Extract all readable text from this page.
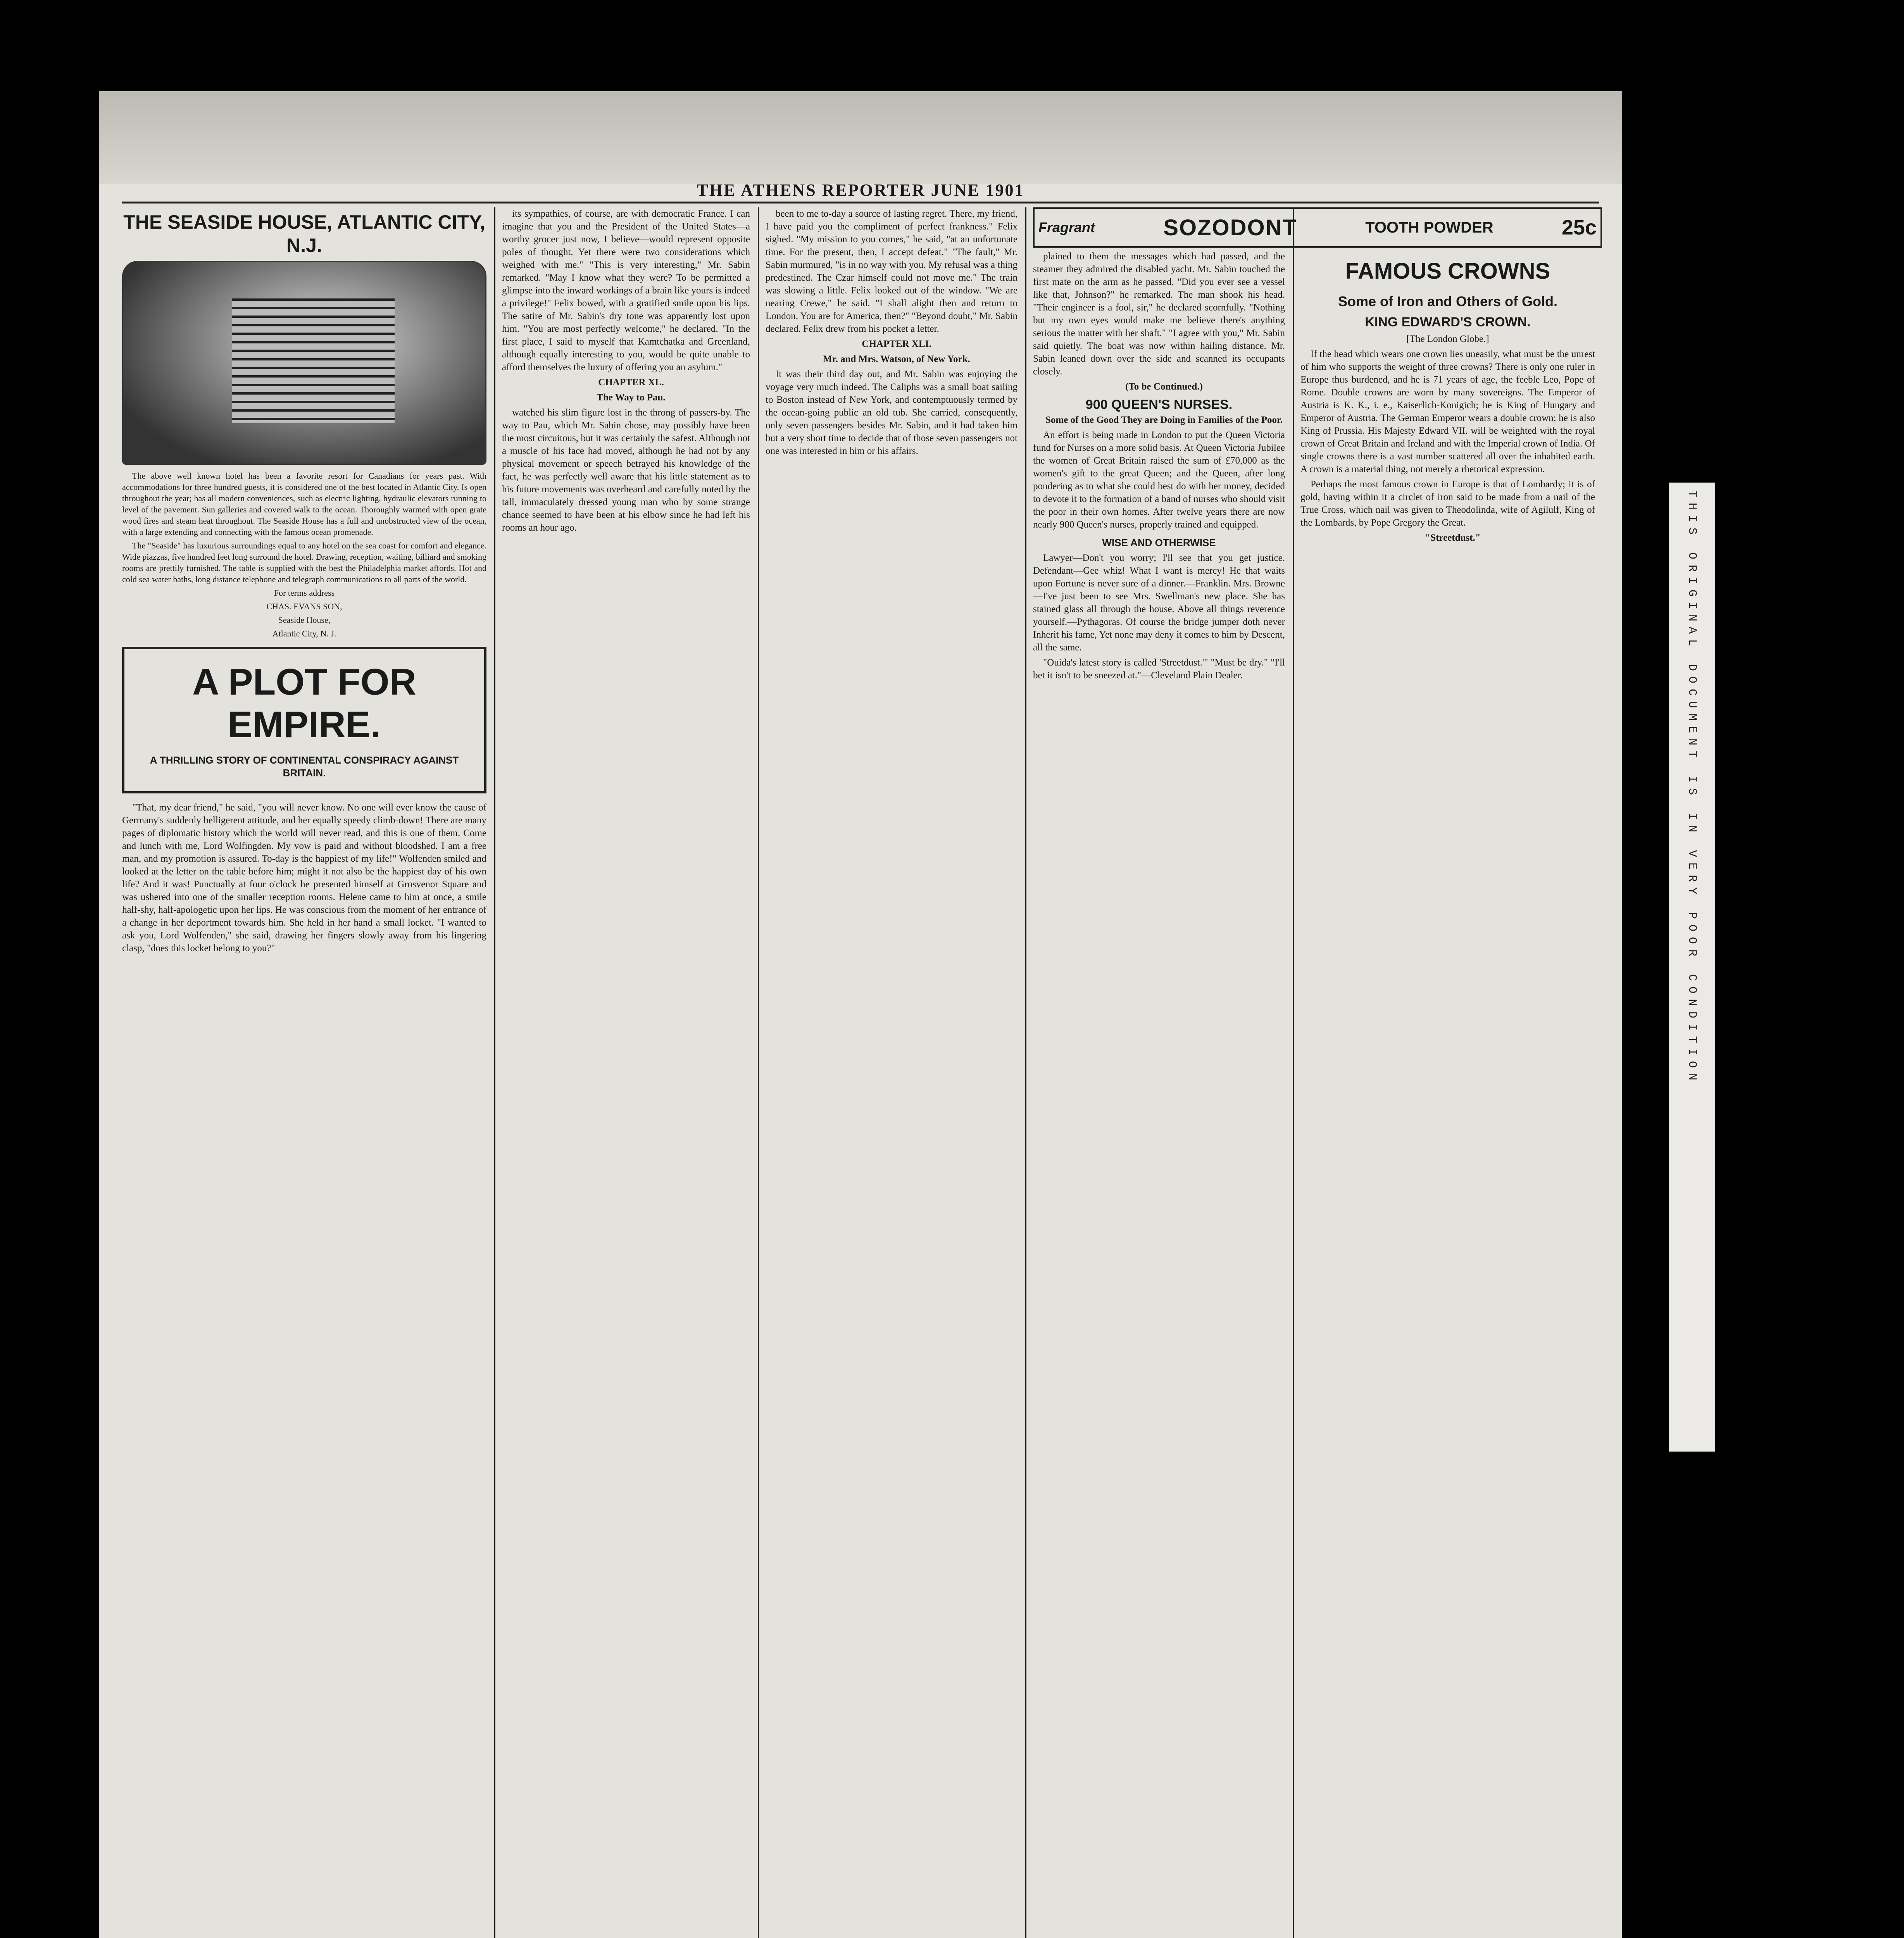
THE ATHENS REPORTER JUNE 1901
THE SEASIDE HOUSE, ATLANTIC CITY, N.J.

The above well known hotel has been a favorite resort for Canadians for years past. With accommodations for three hundred guests, it is considered one of the best located in Atlantic City. Is open throughout the year; has all modern conveniences, such as electric lighting, hydraulic elevators running to level of the pavement. Sun galleries and covered walk to the ocean. Thoroughly warmed with open grate wood fires and steam heat throughout. The Seaside House has a full and unobstructed view of the ocean, with a large extending and connecting with the famous ocean promenade.

The "Seaside" has luxurious surroundings equal to any hotel on the sea coast for comfort and elegance. Wide piazzas, five hundred feet long surround the hotel. Drawing, reception, waiting, billiard and smoking rooms are prettily furnished. The table is supplied with the best the Philadelphia market affords. Hot and cold sea water baths, long distance telephone and telegraph communications to all parts of the world.

For terms address

CHAS. EVANS SON,

Seaside House,

Atlantic City, N. J.

A PLOT FOR EMPIRE.
A THRILLING STORY OF CONTINENTAL CONSPIRACY AGAINST BRITAIN.

"That, my dear friend," he said, "you will never know. No one will ever know the cause of Germany's suddenly belligerent attitude, and her equally speedy climb-down! There are many pages of diplomatic history which the world will never read, and this is one of them. Come and lunch with me, Lord Wolfingden. My vow is paid and without bloodshed. I am a free man, and my promotion is assured. To-day is the happiest of my life!" Wolfenden smiled and looked at the letter on the table before him; might it not also be the happiest day of his own life? And it was! Punctually at four o'clock he presented himself at Grosvenor Square and was ushered into one of the smaller reception rooms. Helene came to him at once, a smile half-shy, half-apologetic upon her lips. He was conscious from the moment of her entrance of a change in her deportment towards him. She held in her hand a small locket. "I wanted to ask you, Lord Wolfenden," she said, drawing her fingers slowly away from his lingering clasp, "does this locket belong to you?"

its sympathies, of course, are with democratic France. I can imagine that you and the President of the United States—a worthy grocer just now, I believe—would represent opposite poles of thought. Yet there were two considerations which weighed with me." "This is very interesting," Mr. Sabin remarked. "May I know what they were? To be permitted a glimpse into the inward workings of a brain like yours is indeed a privilege!" Felix bowed, with a gratified smile upon his lips. The satire of Mr. Sabin's dry tone was apparently lost upon him. "You are most perfectly welcome," he declared. "In the first place, I said to myself that Kamtchatka and Greenland, although equally interesting to you, would be quite unable to afford themselves the luxury of offering you an asylum."

CHAPTER XL.

The Way to Pau.

watched his slim figure lost in the throng of passers-by. The way to Pau, which Mr. Sabin chose, may possibly have been the most circuitous, but it was certainly the safest. Although not a muscle of his face had moved, although he had not by any physical movement or speech betrayed his knowledge of the fact, he was perfectly well aware that his little statement as to his future movements was overheard and carefully noted by the tall, immaculately dressed young man who by some strange chance seemed to have been at his elbow since he had left his rooms an hour ago.

been to me to-day a source of lasting regret. There, my friend, I have paid you the compliment of perfect frankness." Felix sighed. "My mission to you comes," he said, "at an unfortunate time. For the present, then, I accept defeat." "The fault," Mr. Sabin murmured, "is in no way with you. My refusal was a thing predestined. The Czar himself could not move me." The train was slowing a little. Felix looked out of the window. "We are nearing Crewe," he said. "I shall alight then and return to London. You are for America, then?" "Beyond doubt," Mr. Sabin declared. Felix drew from his pocket a letter.

CHAPTER XLI.

Mr. and Mrs. Watson, of New York.

It was their third day out, and Mr. Sabin was enjoying the voyage very much indeed. The Caliphs was a small boat sailing to Boston instead of New York, and contemptuously termed by the ocean-going public an old tub. She carried, consequently, only seven passengers besides Mr. Sabin, and it had taken him but a very short time to decide that of those seven passengers not one was interested in him or his affairs.

plained to them the messages which had passed, and the steamer they admired the disabled yacht. Mr. Sabin touched the first mate on the arm as he passed. "Did you ever see a vessel like that, Johnson?" he remarked. The man shook his head. "Their engineer is a fool, sir," he declared scornfully. "Nothing but my own eyes would make me believe there's anything serious the matter with her shaft." "I agree with you," Mr. Sabin said quietly. The boat was now within hailing distance. Mr. Sabin leaned down over the side and scanned its occupants closely.

(To be Continued.)

900 QUEEN'S NURSES.

Some of the Good They are Doing in Families of the Poor.

An effort is being made in London to put the Queen Victoria fund for Nurses on a more solid basis. At Queen Victoria Jubilee the women of Great Britain raised the sum of £70,000 as the women's gift to the great Queen; and the Queen, after long pondering as to what she could best do with her money, decided to devote it to the formation of a band of nurses who should visit the poor in their own homes. After twelve years there are now nearly 900 Queen's nurses, properly trained and equipped.

WISE AND OTHERWISE

Lawyer—Don't you worry; I'll see that you get justice. Defendant—Gee whiz! What I want is mercy! He that waits upon Fortune is never sure of a dinner.—Franklin. Mrs. Browne—I've just been to see Mrs. Swellman's new place. She has stained glass all through the house. Above all things reverence yourself.—Pythagoras. Of course the bridge jumper doth never Inherit his fame, Yet none may deny it comes to him by Descent, all the same.

"Ouida's latest story is called 'Streetdust.'" "Must be dry." "I'll bet it isn't to be sneezed at."—Cleveland Plain Dealer.

Fragrant	SOZODONT	TOOTH POWDER	25c
FAMOUS CROWNS
Some of Iron and Others of Gold.
KING EDWARD'S CROWN.

[The London Globe.]

If the head which wears one crown lies uneasily, what must be the unrest of him who supports the weight of three crowns? There is only one ruler in Europe thus burdened, and he is 71 years of age, the feeble Leo, Pope of Rome. Double crowns are worn by many sovereigns. The Emperor of Austria is K. K., i. e., Kaiserlich-Konigich; he is King of Hungary and Emperor of Austria. The German Emperor wears a double crown; he is also King of Prussia. His Majesty Edward VII. will be weighted with the royal crown of Great Britain and Ireland and with the Imperial crown of India. Of single crowns there is a vast number scattered all over the inhabited earth. A crown is a material thing, not merely a rhetorical expression.

Perhaps the most famous crown in Europe is that of Lombardy; it is of gold, having within it a circlet of iron said to be made from a nail of the True Cross, which nail was given to Theodolinda, wife of Agilulf, King of the Lombards, by Pope Gregory the Great.

"Streetdust."	THIS ORIGINAL DOCUMENT IS IN VERY POOR CONDITION
